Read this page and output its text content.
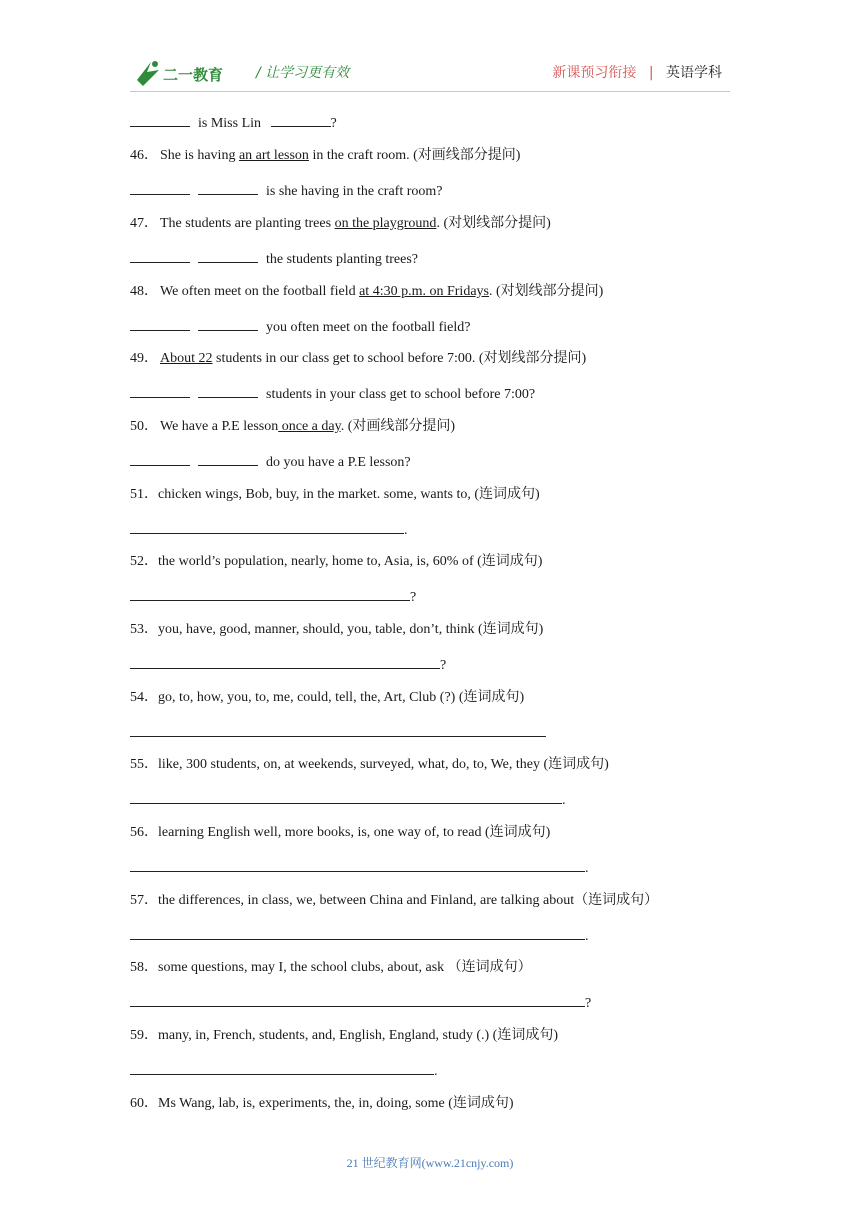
二一教育 / 让学习更有效	新课预习衔接 | 英语学科
is Miss Lin	?
46． She is having an art lesson in the craft room. (对画线部分提问)
is she having in the craft room?
47． The students are planting trees on the playground. (对划线部分提问)
the students planting trees?
48． We often meet on the football field at 4:30 p.m. on Fridays. (对划线部分提问)
you often meet on the football field?
49． About 22 students in our class get to school before 7:00. (对划线部分提问)
students in your class get to school before 7:00?
50． We have a P.E lesson once a day. (对画线部分提问)
do you have a P.E lesson?
51．chicken wings, Bob, buy, in the market. some, wants to, (连词成句)
.
52．the world’s population, nearly, home to, Asia, is, 60% of (连词成句)
?
53．you, have, good, manner, should, you, table, don’t, think (连词成句)
?
54．go, to, how, you, to, me, could, tell, the, Art, Club (?) (连词成句)
55．like, 300 students, on, at weekends, surveyed, what, do, to, We, they (连词成句)
.
56．learning English well, more books, is, one way of, to read (连词成句)
.
57．the differences, in class, we, between China and Finland, are talking about（连词成句）
.
58．some questions, may I, the school clubs, about, ask （连词成句）
?
59．many, in, French, students, and, English, England, study (.) (连词成句)
.
60．Ms Wang, lab, is, experiments, the, in, doing, some (连词成句)
21 世纪教育网(www.21cnjy.com)
